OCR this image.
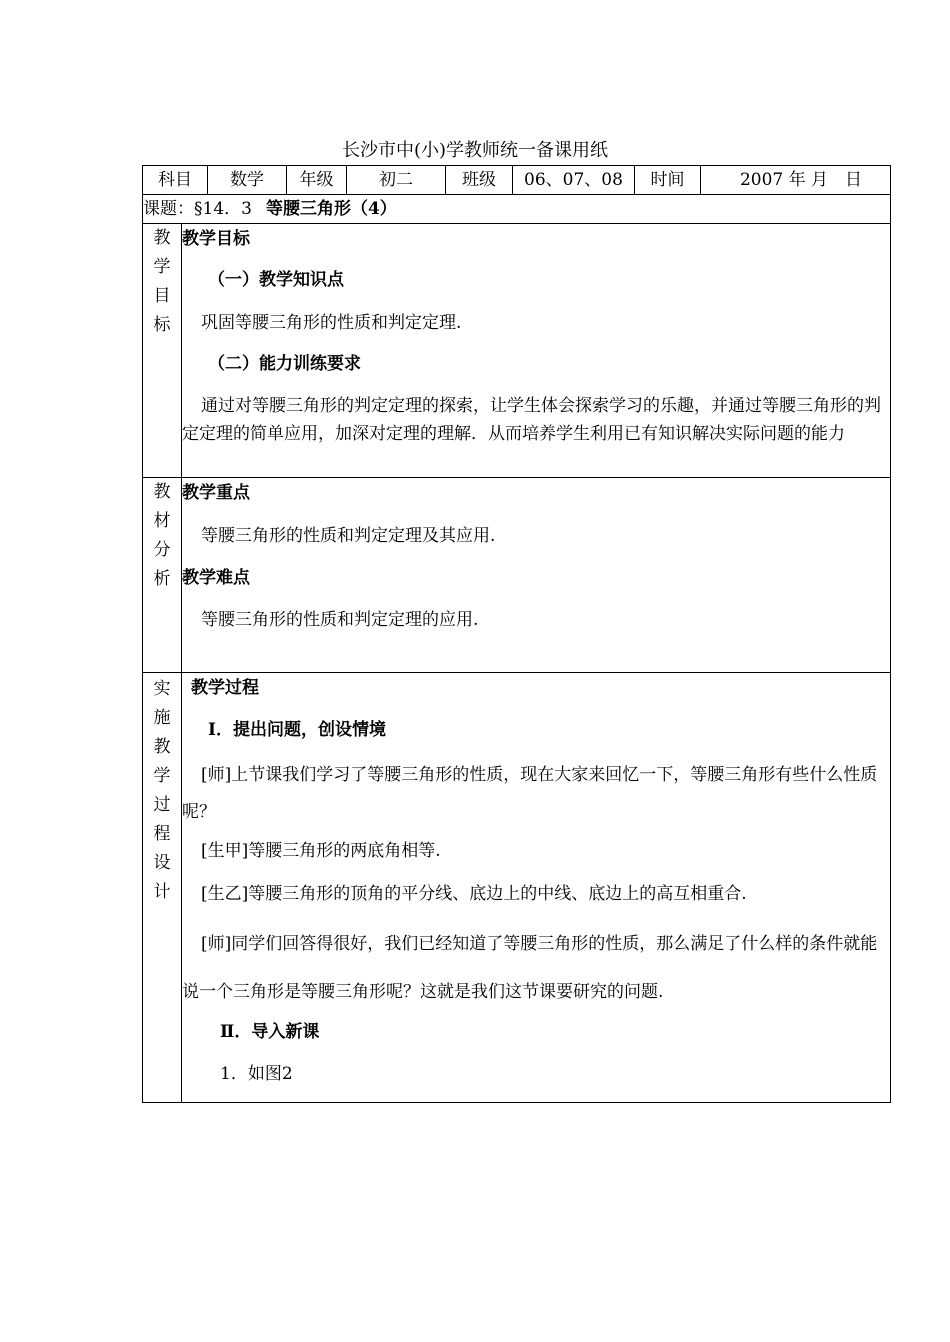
长沙市中(小)学教师统一备课用纸
科目	数学	年级	初二	班级	06、07、08	时间	2007 年 月　日

课题：§14．3 等腰三角形（4）
教学目标	
教学目标
（一）教学知识点
巩固等腰三角形的性质和判定定理.
（二）能力训练要求
通过对等腰三角形的判定定理的探索，让学生体会探索学习的乐趣，并通过等腰三角形的判定定理的简单应用，加深对定理的理解．从而培养学生利用已有知识解决实际问题的能力

教材分析	
教学重点
等腰三角形的性质和判定定理及其应用.
教学难点
等腰三角形的性质和判定定理的应用.

实施教学过程设计	
教学过程
Ⅰ．提出问题，创设情境
[师]上节课我们学习了等腰三角形的性质，现在大家来回忆一下，等腰三角形有些什么性质呢？
[生甲]等腰三角形的两底角相等.
[生乙]等腰三角形的顶角的平分线、底边上的中线、底边上的高互相重合.
[师]同学们回答得很好，我们已经知道了等腰三角形的性质，那么满足了什么样的条件就能说一个三角形是等腰三角形呢？这就是我们这节课要研究的问题.
Ⅱ．导入新课
1．如图2
